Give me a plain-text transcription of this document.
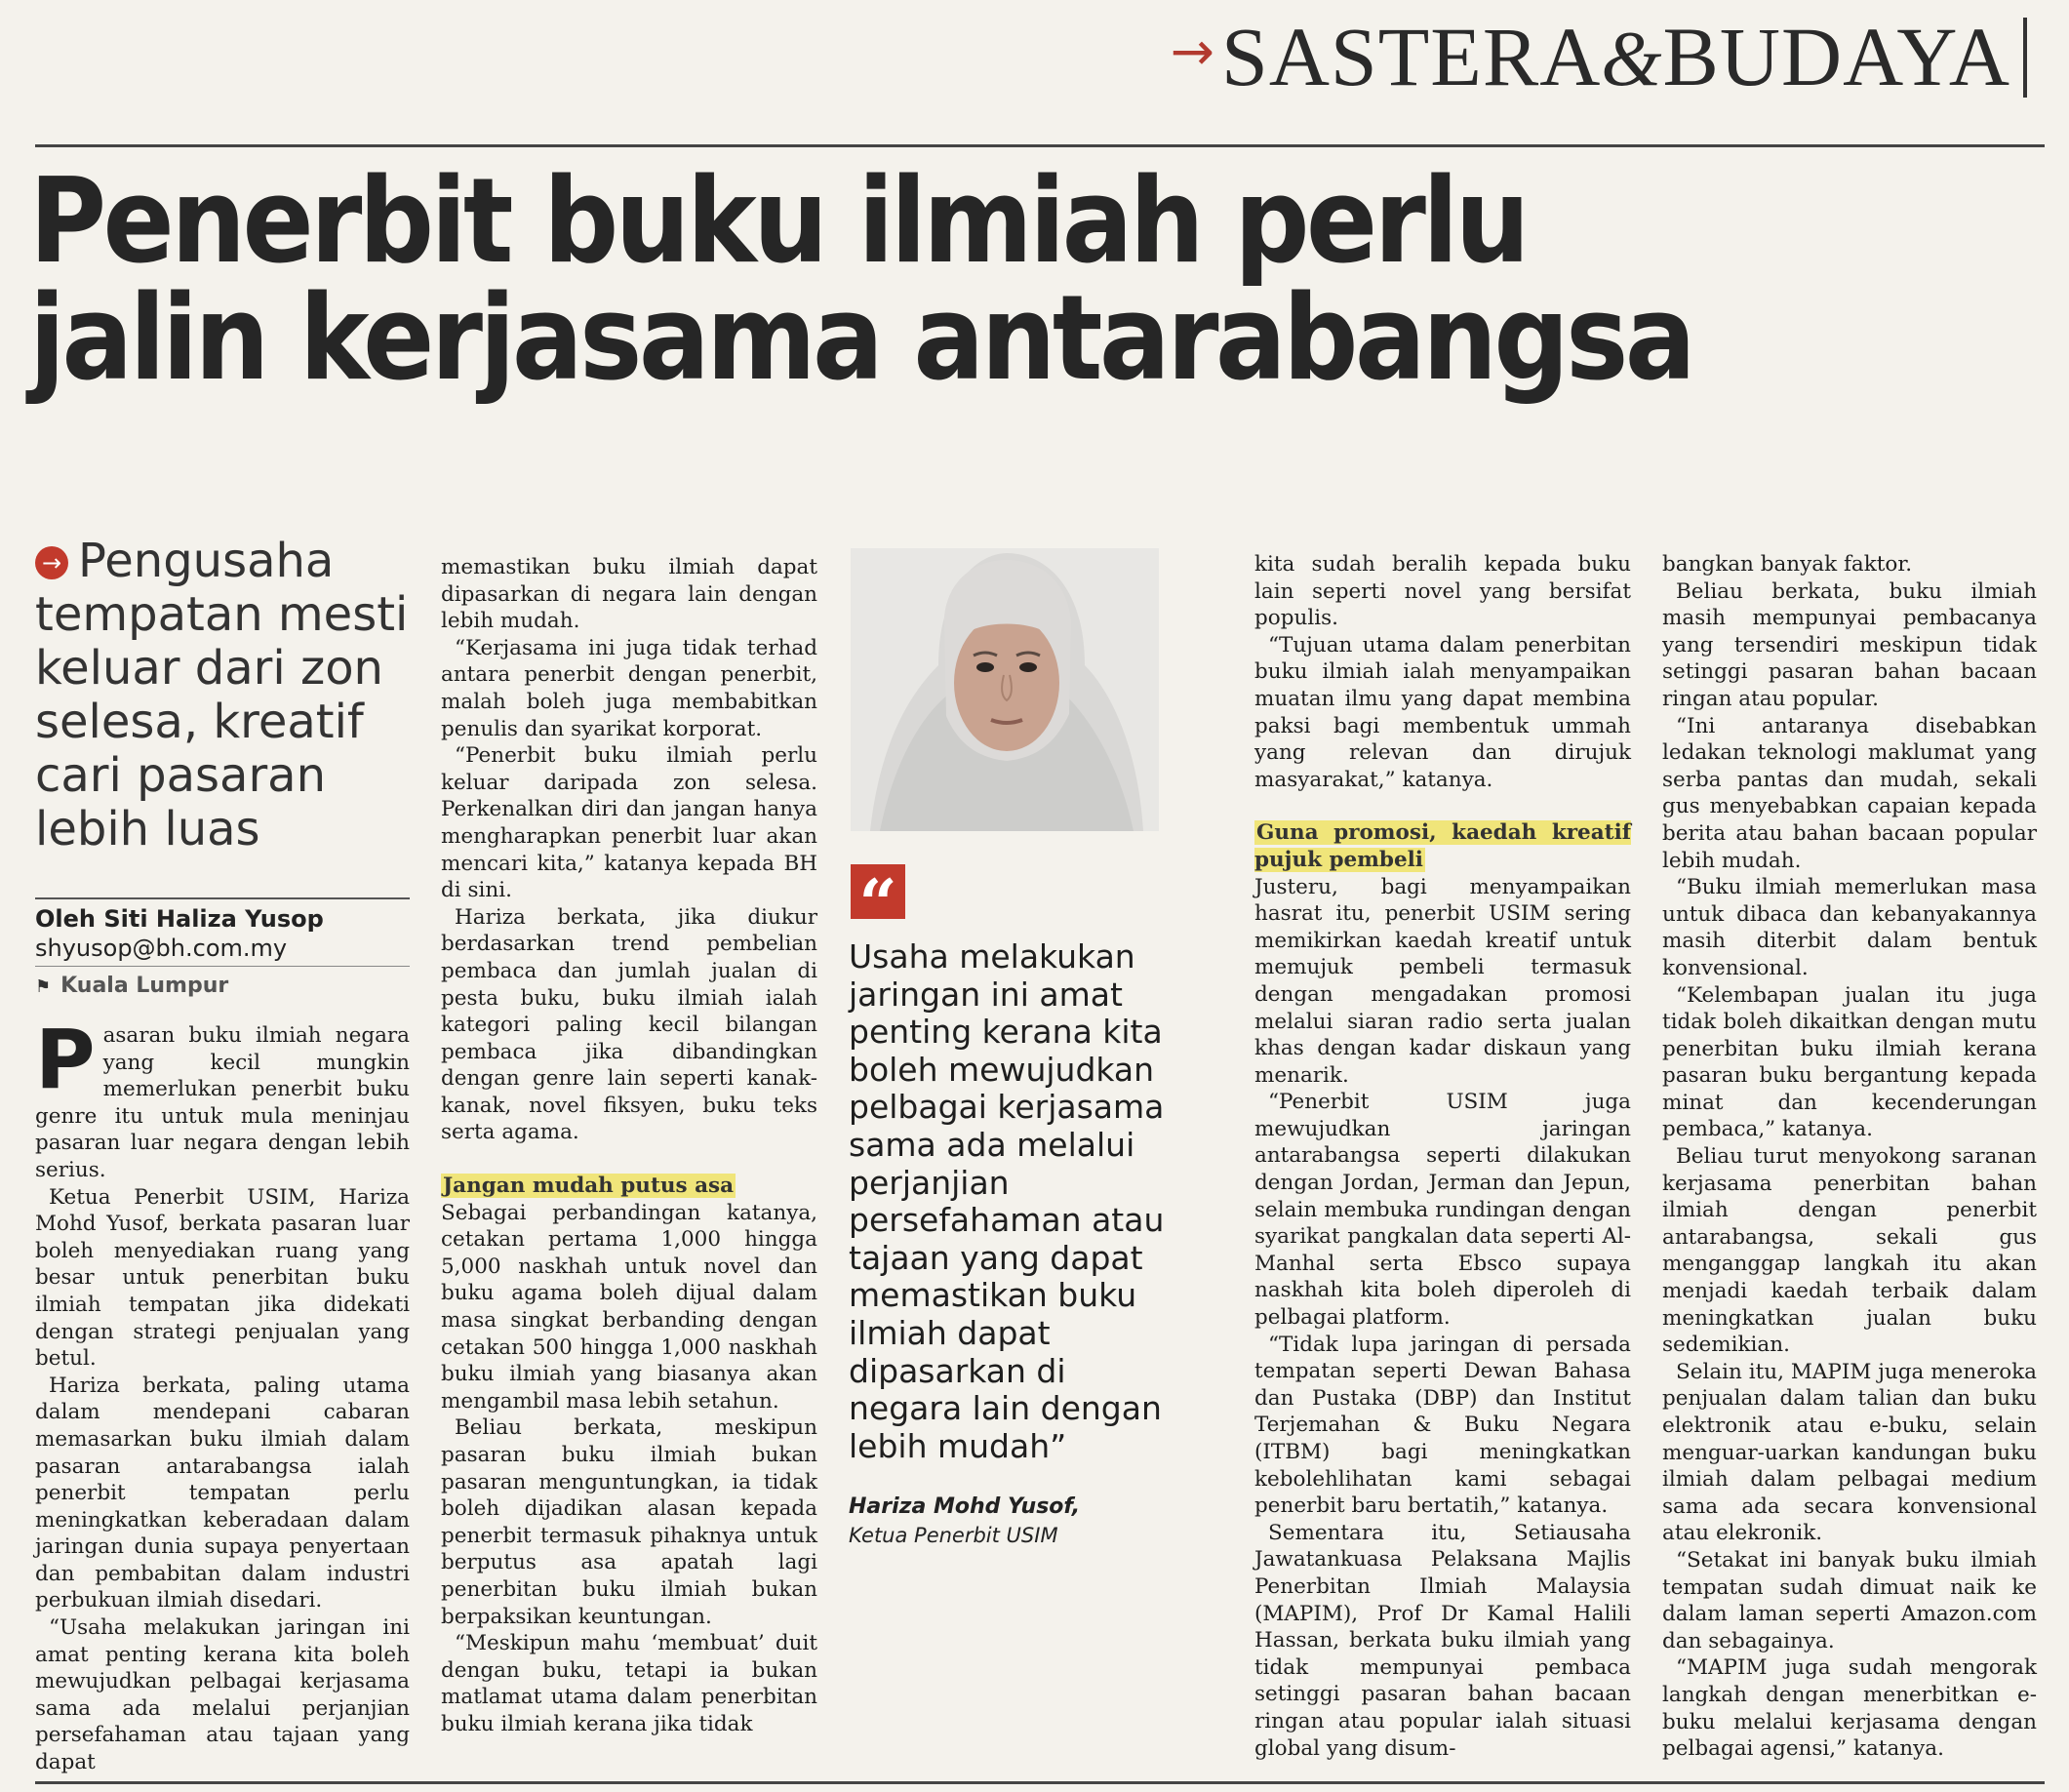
→SASTERA&BUDAYA
Penerbit buku ilmiah perlu
jalin kerjasama antarabangsa
→ Pengusaha tempatan mesti keluar dari zon selesa, kreatif cari pasaran lebih luas
Oleh Siti Haliza Yusop
shyusop@bh.com.my
⚑ Kuala Lumpur

Pasaran buku ilmiah negara yang kecil mungkin memerlukan penerbit buku genre itu untuk mula meninjau pasaran luar negara dengan lebih serius.

Ketua Penerbit USIM, Hariza Mohd Yusof, berkata pasaran luar boleh menyediakan ruang yang besar untuk penerbitan buku ilmiah tempatan jika didekati dengan strategi penjualan yang betul.

Hariza berkata, paling utama dalam mendepani cabaran memasarkan buku ilmiah dalam pasaran antarabangsa ialah penerbit tempatan perlu meningkatkan keberadaan dalam jaringan dunia supaya penyertaan dan pembabitan dalam industri perbukuan ilmiah disedari.

“Usaha melakukan jaringan ini amat penting kerana kita boleh mewujudkan pelbagai kerjasama sama ada melalui perjanjian persefahaman atau tajaan yang dapat

memastikan buku ilmiah dapat dipasarkan di negara lain dengan lebih mudah.

“Kerjasama ini juga tidak terhad antara penerbit dengan penerbit, malah boleh juga membabitkan penulis dan syarikat korporat.

“Penerbit buku ilmiah perlu keluar daripada zon selesa. Perkenalkan diri dan jangan hanya mengharapkan penerbit luar akan mencari kita,” katanya kepada BH di sini.

Hariza berkata, jika diukur berdasarkan trend pembelian pembaca dan jumlah jualan di pesta buku, buku ilmiah ialah kategori paling kecil bilangan pembaca jika dibandingkan dengan genre lain seperti kanak-kanak, novel fiksyen, buku teks serta agama.

Jangan mudah putus asa

Sebagai perbandingan katanya, cetakan pertama 1,000 hingga 5,000 naskhah untuk novel dan buku agama boleh dijual dalam masa singkat berbanding dengan cetakan 500 hingga 1,000 naskhah buku ilmiah yang biasanya akan mengambil masa lebih setahun.

Beliau berkata, meskipun pasaran buku ilmiah bukan pasaran menguntungkan, ia tidak boleh dijadikan alasan kepada penerbit termasuk pihaknya untuk berputus asa apatah lagi penerbitan buku ilmiah bukan berpaksikan keuntungan.

“Meskipun mahu ‘membuat’ duit dengan buku, tetapi ia bukan matlamat utama dalam penerbitan buku ilmiah kerana jika tidak

“
Usaha melakukan jaringan ini amat penting kerana kita boleh mewujudkan pelbagai kerjasama sama ada melalui perjanjian persefahaman atau tajaan yang dapat memastikan buku ilmiah dapat dipasarkan di negara lain dengan lebih mudah”
Hariza Mohd Yusof,
Ketua Penerbit USIM

kita sudah beralih kepada buku lain seperti novel yang bersifat populis.

“Tujuan utama dalam penerbitan buku ilmiah ialah menyampaikan muatan ilmu yang dapat membina paksi bagi membentuk ummah yang relevan dan dirujuk masyarakat,” katanya.

Guna promosi, kaedah kreatif pujuk pembeli

Justeru, bagi menyampaikan hasrat itu, penerbit USIM sering memikirkan kaedah kreatif untuk memujuk pembeli termasuk dengan mengadakan promosi melalui siaran radio serta jualan khas dengan kadar diskaun yang menarik.

“Penerbit USIM juga mewujudkan jaringan antarabangsa seperti dilakukan dengan Jordan, Jerman dan Jepun, selain membuka rundingan dengan syarikat pangkalan data seperti Al-Manhal serta Ebsco supaya naskhah kita boleh diperoleh di pelbagai platform.

“Tidak lupa jaringan di persada tempatan seperti Dewan Bahasa dan Pustaka (DBP) dan Institut Terjemahan & Buku Negara (ITBM) bagi meningkatkan kebolehlihatan kami sebagai penerbit baru bertatih,” katanya.

Sementara itu, Setiausaha Jawatankuasa Pelaksana Majlis Penerbitan Ilmiah Malaysia (MAPIM), Prof Dr Kamal Halili Hassan, berkata buku ilmiah yang tidak mempunyai pembaca setinggi pasaran bahan bacaan ringan atau popular ialah situasi global yang disum-

bangkan banyak faktor.

Beliau berkata, buku ilmiah masih mempunyai pembacanya yang tersendiri meskipun tidak setinggi pasaran bahan bacaan ringan atau popular.

“Ini antaranya disebabkan ledakan teknologi maklumat yang serba pantas dan mudah, sekali gus menyebabkan capaian kepada berita atau bahan bacaan popular lebih mudah.

“Buku ilmiah memerlukan masa untuk dibaca dan kebanyakannya masih diterbit dalam bentuk konvensional.

“Kelembapan jualan itu juga tidak boleh dikaitkan dengan mutu penerbitan buku ilmiah kerana pasaran buku bergantung kepada minat dan kecenderungan pembaca,” katanya.

Beliau turut menyokong saranan kerjasama penerbitan bahan ilmiah dengan penerbit antarabangsa, sekali gus menganggap langkah itu akan menjadi kaedah terbaik dalam meningkatkan jualan buku sedemikian.

Selain itu, MAPIM juga meneroka penjualan dalam talian dan buku elektronik atau e-buku, selain menguar-uarkan kandungan buku ilmiah dalam pelbagai medium sama ada secara konvensional atau elekronik.

“Setakat ini banyak buku ilmiah tempatan sudah dimuat naik ke dalam laman seperti Amazon.com dan sebagainya.

“MAPIM juga sudah mengorak langkah dengan menerbitkan e-buku melalui kerjasama dengan pelbagai agensi,” katanya.
